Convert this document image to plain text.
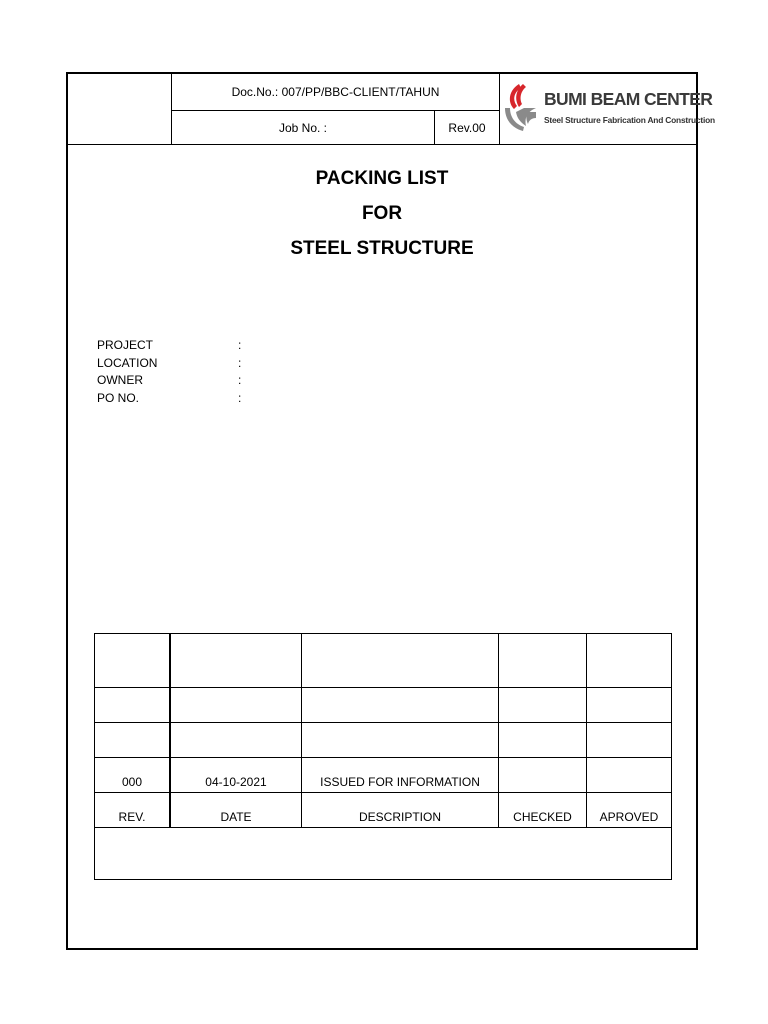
Doc.No.: 007/PP/BBC-CLIENT/TAHUN
Job No. :	Rev.00
BUMI BEAM CENTER
Steel Structure Fabrication And Construction
PACKING LIST
FOR
STEEL STRUCTURE
PROJECT	:
LOCATION	:
OWNER	:
PO NO.	:
000	04-10-2021	ISSUED FOR INFORMATION
REV.	DATE	DESCRIPTION	CHECKED	APROVED
